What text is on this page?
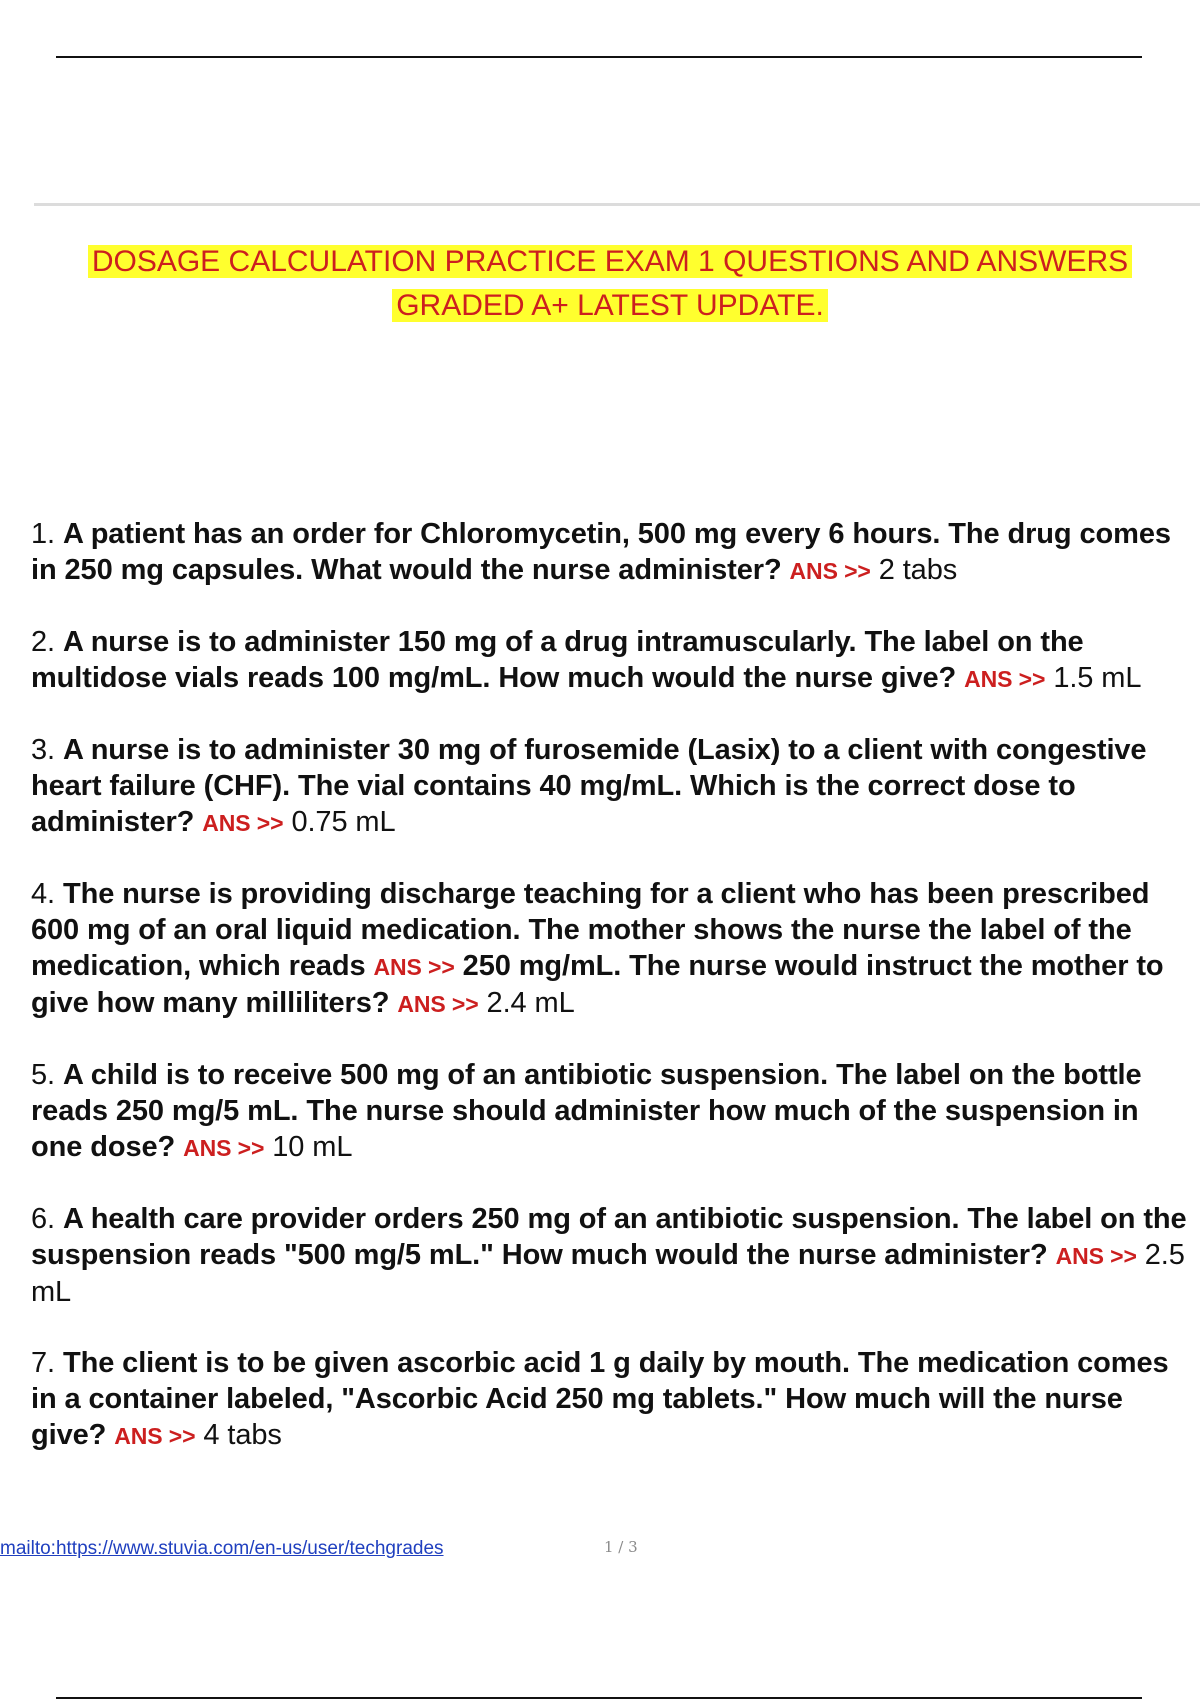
DOSAGE CALCULATION PRACTICE EXAM 1 QUESTIONS AND ANSWERS
GRADED A+ LATEST UPDATE.

1. A patient has an order for Chloromycetin, 500 mg every 6 hours. The drug comes in 250 mg capsules. What would the nurse administer? ANS >> 2 tabs

2. A nurse is to administer 150 mg of a drug intramuscularly. The label on the multidose vials reads 100 mg/mL. How much would the nurse give? ANS >> 1.5 mL

3. A nurse is to administer 30 mg of furosemide (Lasix) to a client with congestive heart failure (CHF). The vial contains 40 mg/mL. Which is the correct dose to administer? ANS >> 0.75 mL

4. The nurse is providing discharge teaching for a client who has been prescribed 600 mg of an oral liquid medication. The mother shows the nurse the label of the medication, which reads ANS >> 250 mg/mL. The nurse would instruct the mother to give how many milliliters? ANS >> 2.4 mL

5. A child is to receive 500 mg of an antibiotic suspension. The label on the bottle reads 250 mg/5 mL. The nurse should administer how much of the suspension in one dose? ANS >> 10 mL

6. A health care provider orders 250 mg of an antibiotic suspension. The label on the suspension reads "500 mg/5 mL." How much would the nurse administer? ANS >> 2.5 mL

7. The client is to be given ascorbic acid 1 g daily by mouth. The medication comes in a container labeled, "Ascorbic Acid 250 mg tablets." How much will the nurse give? ANS >> 4 tabs

mailto:https://www.stuvia.com/en-us/user/techgrades	1 / 3
